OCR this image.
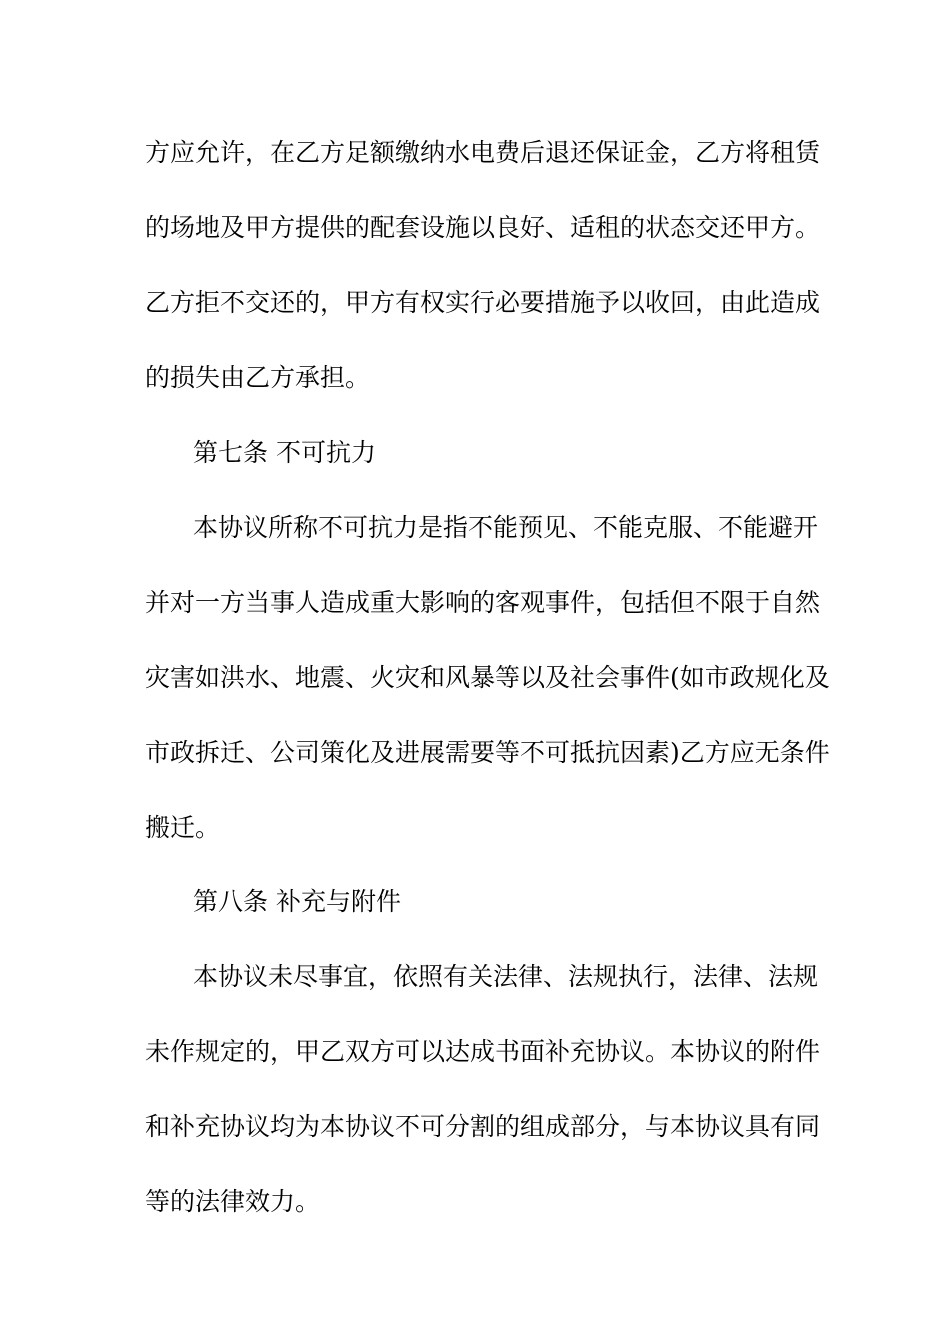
方应允许，在乙方足额缴纳水电费后退还保证金，乙方将租赁
的场地及甲方提供的配套设施以良好、适租的状态交还甲方。
乙方拒不交还的，甲方有权实行必要措施予以收回，由此造成
的损失由乙方承担。
第七条 不可抗力
本协议所称不可抗力是指不能预见、不能克服、不能避开
并对一方当事人造成重大影响的客观事件，包括但不限于自然
灾害如洪水、地震、火灾和风暴等以及社会事件(如市政规化及
市政拆迁、公司策化及进展需要等不可抵抗因素)乙方应无条件
搬迁。
第八条 补充与附件
本协议未尽事宜，依照有关法律、法规执行，法律、法规
未作规定的，甲乙双方可以达成书面补充协议。本协议的附件
和补充协议均为本协议不可分割的组成部分，与本协议具有同
等的法律效力。
